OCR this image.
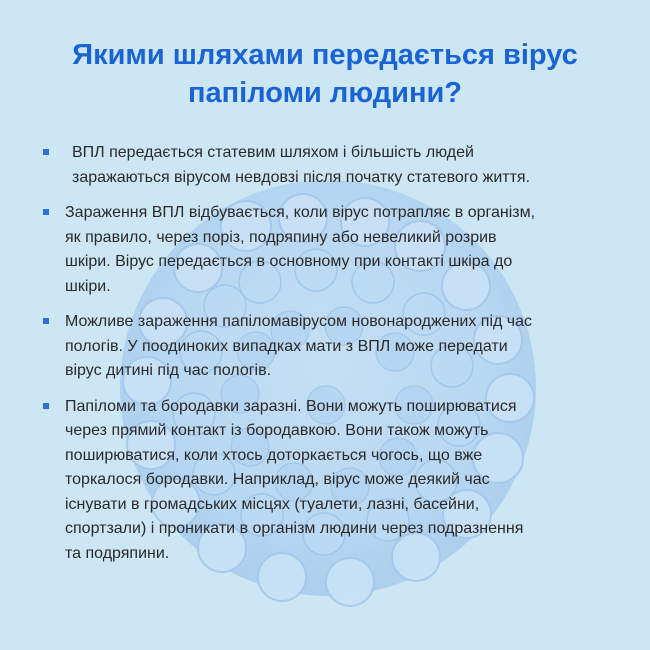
Якими шляхами передається вірус
папіломи людини?
ВПЛ передається статевим шляхом і більшість людей
заражаються вірусом невдовзі після початку статевого життя.
Зараження ВПЛ відбувається, коли вірус потрапляє в організм,
як правило, через поріз, подряпину або невеликий розрив
шкіри. Вірус передається в основному при контакті шкіра до
шкіри.
Можливе зараження папіломавірусом новонароджених під час
пологів. У поодиноких випадках мати з ВПЛ може передати
вірус дитині під час пологів.
Папіломи та бородавки заразні. Вони можуть поширюватися
через прямий контакт із бородавкою. Вони також можуть
поширюватися, коли хтось доторкається чогось, що вже
торкалося бородавки. Наприклад, вірус може деякий час
існувати в громадських місцях (туалети, лазні, басейни,
спортзали) і проникати в організм людини через подразнення
та подряпини.
